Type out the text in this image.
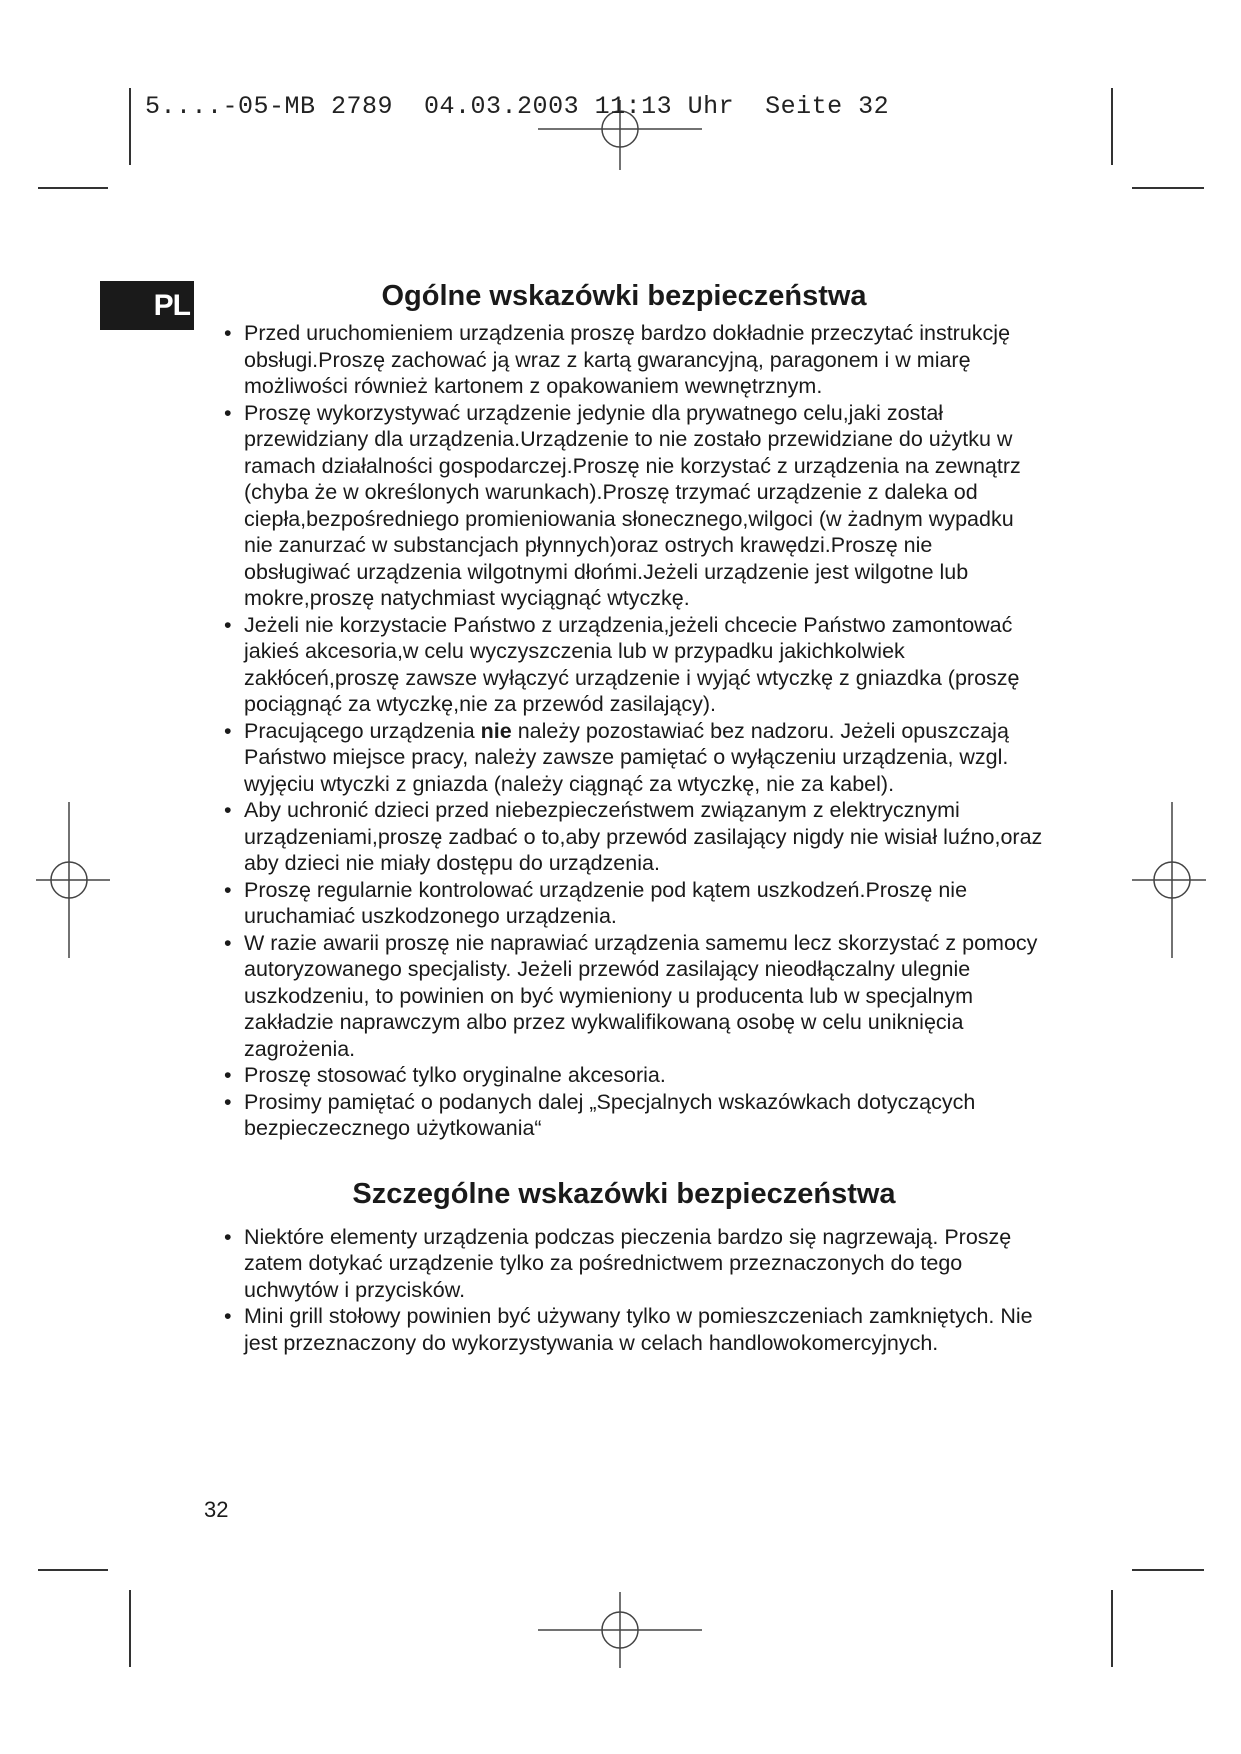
5....-05-MB 2789  04.03.2003 11:13 Uhr  Seite 32
PL	Ogólne wskazówki bezpieczeństwa
• Przed uruchomieniem urządzenia proszę bardzo dokładnie przeczytać instrukcję obsługi.Proszę zachować ją wraz z kartą gwarancyjną, paragonem i w miarę możliwości również kartonem z opakowaniem wewnętrznym.
• Proszę wykorzystywać urządzenie jedynie dla prywatnego celu,jaki został przewidziany dla urządzenia.Urządzenie to nie zostało przewidziane do użytku w ramach działalności gospodarczej.Proszę nie korzystać z urządzenia na zewnątrz (chyba że w określonych warunkach).Proszę trzymać urządzenie z daleka od ciepła,bezpośredniego promieniowania słonecznego,wilgoci (w żadnym wypadku nie zanurzać w substancjach płynnych)oraz ostrych krawędzi.Proszę nie obsługiwać urządzenia wilgotnymi dłońmi.Jeżeli urządzenie jest wilgotne lub mokre,proszę natychmiast wyciągnąć wtyczkę.
• Jeżeli nie korzystacie Państwo z urządzenia,jeżeli chcecie Państwo zamontować jakieś akcesoria,w celu wyczyszczenia lub w przypadku jakichkolwiek zakłóceń,proszę zawsze wyłączyć urządzenie i wyjąć wtyczkę z gniazdka (proszę pociągnąć za wtyczkę,nie za przewód zasilający).
• Pracującego urządzenia nie należy pozostawiać bez nadzoru. Jeżeli opuszczają Państwo miejsce pracy, należy zawsze pamiętać o wyłączeniu urządzenia, wzgl. wyjęciu wtyczki z gniazda (należy ciągnąć za wtyczkę, nie za kabel).
• Aby uchronić dzieci przed niebezpieczeństwem związanym z elektrycznymi urządzeniami,proszę zadbać o to,aby przewód zasilający nigdy nie wisiał luźno,oraz aby dzieci nie miały dostępu do urządzenia.
• Proszę regularnie kontrolować urządzenie pod kątem uszkodzeń.Proszę nie uruchamiać uszkodzonego urządzenia.
• W razie awarii proszę nie naprawiać urządzenia samemu lecz skorzystać z pomocy autoryzowanego specjalisty. Jeżeli przewód zasilający nieodłączalny ulegnie uszkodzeniu, to powinien on być wymieniony u producenta lub w specjalnym zakładzie naprawczym albo przez wykwalifikowaną osobę w celu uniknięcia zagrożenia.
• Proszę stosować tylko oryginalne akcesoria.
• Prosimy pamiętać o podanych dalej „Specjalnych wskazówkach dotyczących bezpieczecznego użytkowania“
Szczególne wskazówki bezpieczeństwa
• Niektóre elementy urządzenia podczas pieczenia bardzo się nagrzewają. Proszę zatem dotykać urządzenie tylko za pośrednictwem przeznaczonych do tego uchwytów i przycisków.
• Mini grill stołowy powinien być używany tylko w pomieszczeniach zamkniętych. Nie jest przeznaczony do wykorzystywania w celach handlowokomercyjnych.
32
